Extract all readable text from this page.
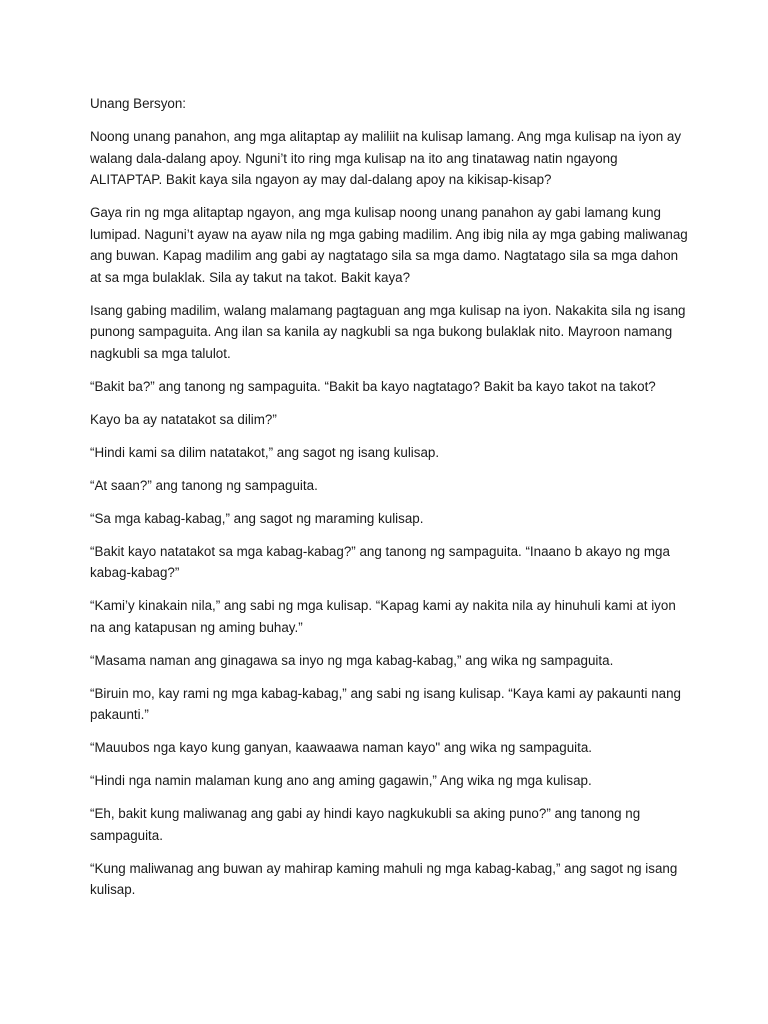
Unang Bersyon:

Noong unang panahon, ang mga alitaptap ay maliliit na kulisap lamang. Ang mga kulisap na iyon ay walang dala-dalang apoy. Nguni’t ito ring mga kulisap na ito ang tinatawag natin ngayong ALITAPTAP. Bakit kaya sila ngayon ay may dal-dalang apoy na kikisap-kisap?

Gaya rin ng mga alitaptap ngayon, ang mga kulisap noong unang panahon ay gabi lamang kung lumipad. Naguni’t ayaw na ayaw nila ng mga gabing madilim. Ang ibig nila ay mga gabing maliwanag ang buwan. Kapag madilim ang gabi ay nagtatago sila sa mga damo. Nagtatago sila sa mga dahon at sa mga bulaklak. Sila ay takut na takot. Bakit kaya?

Isang gabing madilim, walang malamang pagtaguan ang mga kulisap na iyon. Nakakita sila ng isang punong sampaguita. Ang ilan sa kanila ay nagkubli sa nga bukong bulaklak nito. Mayroon namang nagkubli sa mga talulot.

“Bakit ba?” ang tanong ng sampaguita. “Bakit ba kayo nagtatago? Bakit ba kayo takot na takot?

Kayo ba ay natatakot sa dilim?”

“Hindi kami sa dilim natatakot,” ang sagot ng isang kulisap.

“At saan?” ang tanong ng sampaguita.

“Sa mga kabag-kabag,” ang sagot ng maraming kulisap.

“Bakit kayo natatakot sa mga kabag-kabag?” ang tanong ng sampaguita. “Inaano b akayo ng mga kabag-kabag?”

“Kami’y kinakain nila,” ang sabi ng mga kulisap. “Kapag kami ay nakita nila ay hinuhuli kami at iyon na ang katapusan ng aming buhay.”

“Masama naman ang ginagawa sa inyo ng mga kabag-kabag,” ang wika ng sampaguita.

“Biruin mo, kay rami ng mga kabag-kabag,” ang sabi ng isang kulisap. “Kaya kami ay pakaunti nang pakaunti.”

“Mauubos nga kayo kung ganyan, kaawaawa naman kayo" ang wika ng sampaguita.

“Hindi nga namin malaman kung ano ang aming gagawin,” Ang wika ng mga kulisap.

“Eh, bakit kung maliwanag ang gabi ay hindi kayo nagkukubli sa aking puno?” ang tanong ng sampaguita.

“Kung maliwanag ang buwan ay mahirap kaming mahuli ng mga kabag-kabag,” ang sagot ng isang kulisap.
